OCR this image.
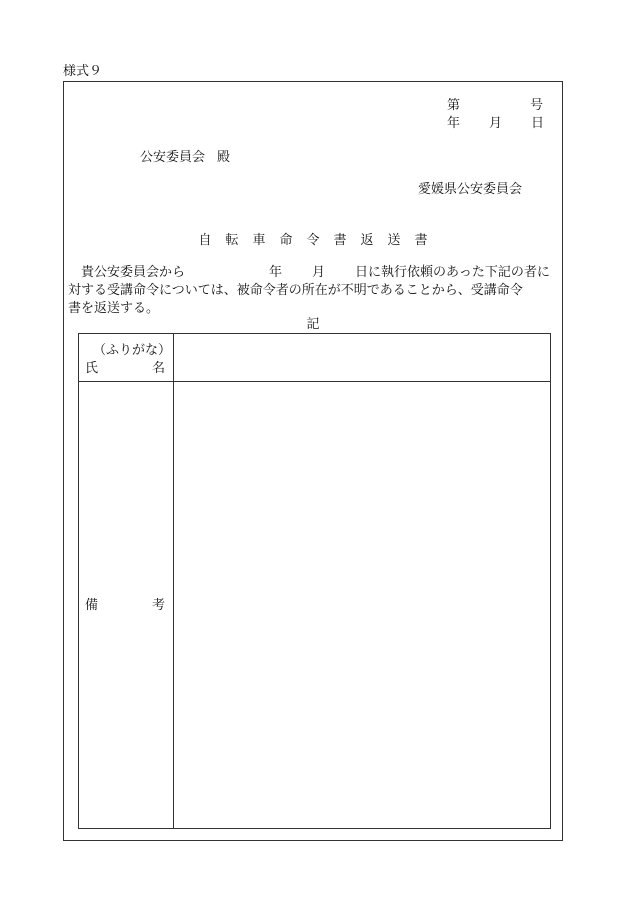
様式９
第	号
年 月 日
公安委員会 殿
愛媛県公安委員会
自転車命令書返送書
貴公安委員会から	年 月 日に執行依頼のあった下記の者に
対する受講命令については、被命令者の所在が不明であることから、受講命令
書を返送する。
記
（ふりがな）
氏 名	

備 考	
